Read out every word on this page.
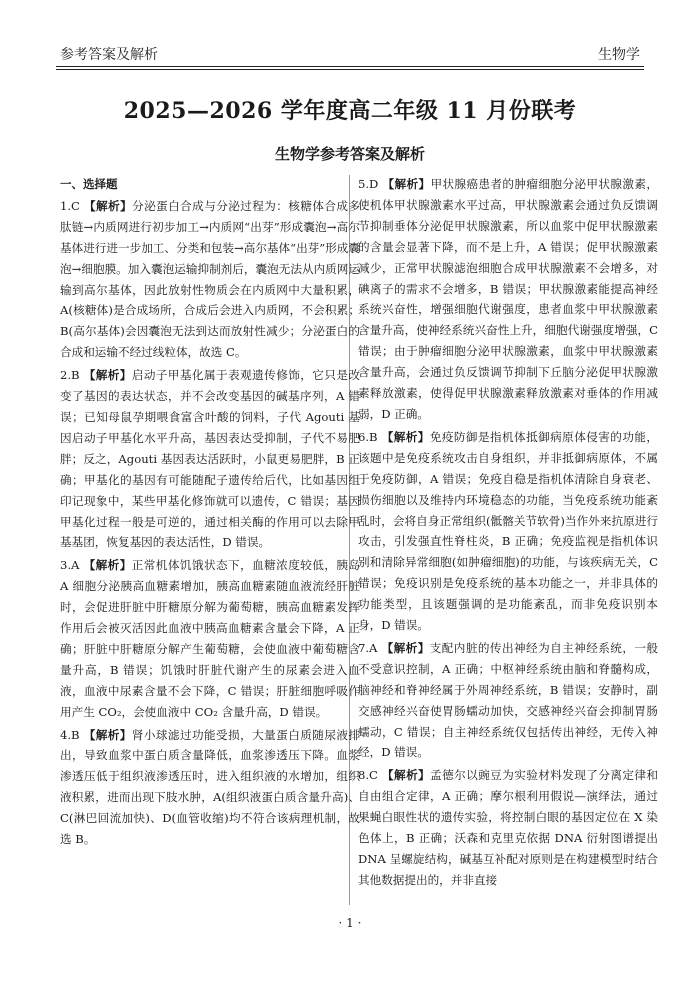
参考答案及解析	生物学
2025—2026 学年度高二年级 11 月份联考
生物学参考答案及解析
一、选择题
1.C 【解析】分泌蛋白合成与分泌过程为：核糖体合成多肽链→内质网进行初步加工→内质网“出芽”形成囊泡→高尔基体进行进一步加工、分类和包装→高尔基体“出芽”形成囊泡→细胞膜。加入囊泡运输抑制剂后，囊泡无法从内质网运输到高尔基体，因此放射性物质会在内质网中大量积累，A(核糖体)是合成场所，合成后会进入内质网，不会积累；B(高尔基体)会因囊泡无法到达而放射性减少；分泌蛋白的合成和运输不经过线粒体，故选 C。
2.B 【解析】启动子甲基化属于表观遗传修饰，它只是改变了基因的表达状态，并不会改变基因的碱基序列，A 错误；已知母鼠孕期喂食富含叶酸的饲料，子代 Agouti 基因启动子甲基化水平升高，基因表达受抑制，子代不易肥胖；反之，Agouti 基因表达活跃时，小鼠更易肥胖，B 正确；甲基化的基因有可能随配子遗传给后代，比如基因组印记现象中，某些甲基化修饰就可以遗传，C 错误；基因甲基化过程一般是可逆的，通过相关酶的作用可以去除甲基基团，恢复基因的表达活性，D 错误。
3.A 【解析】正常机体饥饿状态下，血糖浓度较低，胰岛 A 细胞分泌胰高血糖素增加，胰高血糖素随血液流经肝脏时，会促进肝脏中肝糖原分解为葡萄糖，胰高血糖素发挥作用后会被灭活因此血液中胰高血糖素含量会下降，A 正确；肝脏中肝糖原分解产生葡萄糖，会使血液中葡萄糖含量升高，B 错误；饥饿时肝脏代谢产生的尿素会进入血液，血液中尿素含量不会下降，C 错误；肝脏细胞呼吸作用产生 CO₂，会使血液中 CO₂ 含量升高，D 错误。
4.B 【解析】肾小球滤过功能受损，大量蛋白质随尿液排出，导致血浆中蛋白质含量降低，血浆渗透压下降。血浆渗透压低于组织液渗透压时，进入组织液的水增加，组织液积累，进而出现下肢水肿，A(组织液蛋白质含量升高)、C(淋巴回流加快)、D(血管收缩)均不符合该病理机制，故选 B。
5.D 【解析】甲状腺癌患者的肿瘤细胞分泌甲状腺激素，使机体甲状腺激素水平过高，甲状腺激素会通过负反馈调节抑制垂体分泌促甲状腺激素，所以血浆中促甲状腺激素的含量会显著下降，而不是上升，A 错误；促甲状腺激素减少，正常甲状腺滤泡细胞合成甲状腺激素不会增多，对碘离子的需求不会增多，B 错误；甲状腺激素能提高神经系统兴奋性，增强细胞代谢强度，患者血浆中甲状腺激素含量升高，使神经系统兴奋性上升，细胞代谢强度增强，C 错误；由于肿瘤细胞分泌甲状腺激素，血浆中甲状腺激素含量升高，会通过负反馈调节抑制下丘脑分泌促甲状腺激素释放激素，使得促甲状腺激素释放激素对垂体的作用减弱，D 正确。
6.B 【解析】免疫防御是指机体抵御病原体侵害的功能，该题中是免疫系统攻击自身组织，并非抵御病原体，不属于免疫防御，A 错误；免疫自稳是指机体清除自身衰老、损伤细胞以及维持内环境稳态的功能，当免疫系统功能紊乱时，会将自身正常组织(骶髂关节软骨)当作外来抗原进行攻击，引发强直性脊柱炎，B 正确；免疫监视是指机体识别和清除异常细胞(如肿瘤细胞)的功能，与该疾病无关，C 错误；免疫识别是免疫系统的基本功能之一，并非具体的功能类型，且该题强调的是功能紊乱，而非免疫识别本身，D 错误。
7.A 【解析】支配内脏的传出神经为自主神经系统，一般不受意识控制，A 正确；中枢神经系统由脑和脊髓构成，脑神经和脊神经属于外周神经系统，B 错误；安静时，副交感神经兴奋使胃肠蠕动加快，交感神经兴奋会抑制胃肠蠕动，C 错误；自主神经系统仅包括传出神经，无传入神经，D 错误。
8.C 【解析】孟德尔以豌豆为实验材料发现了分离定律和自由组合定律，A 正确；摩尔根利用假说—演绎法，通过果蝇白眼性状的遗传实验，将控制白眼的基因定位在 X 染色体上，B 正确；沃森和克里克依据 DNA 衍射图谱提出 DNA 呈螺旋结构，碱基互补配对原则是在构建模型时结合其他数据提出的，并非直接
· 1 ·
